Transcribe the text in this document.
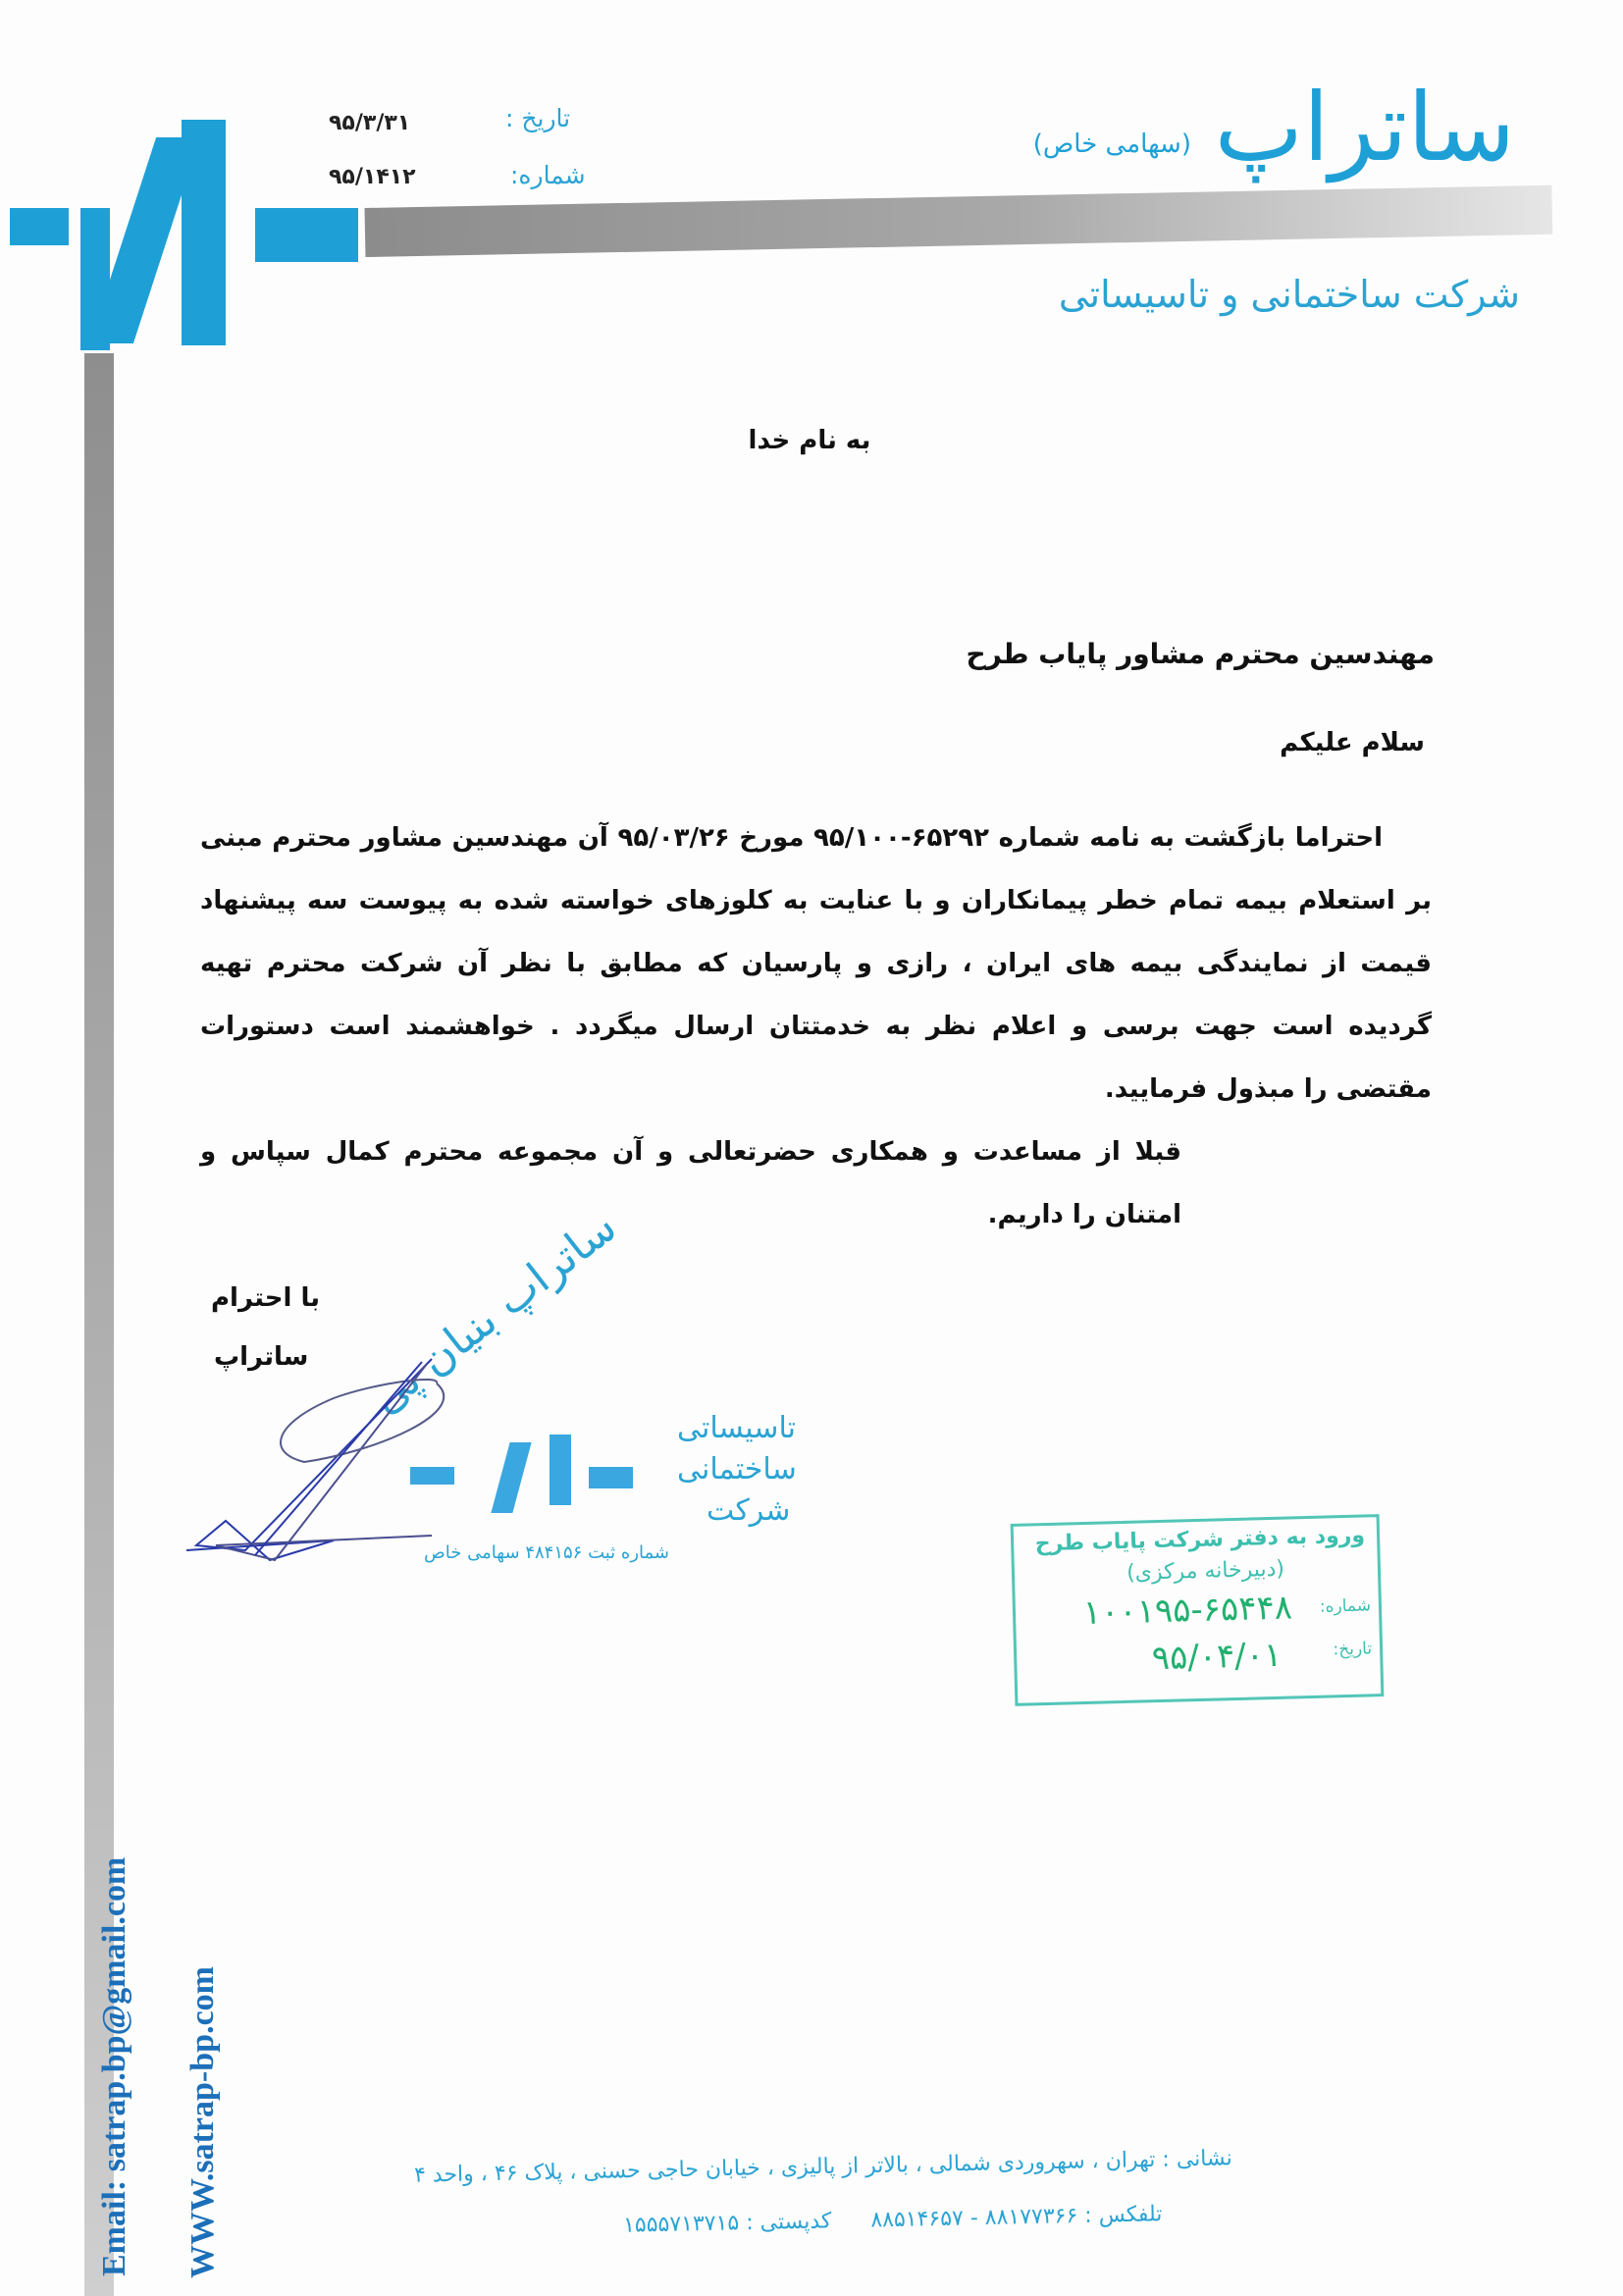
ساتراپ
(سهامی خاص)
شرکت ساختمانی و تاسیساتی
تاریخ :
۹۵/۳/۳۱
شماره:
۹۵/۱۴۱۲
به نام خدا
مهندسین محترم مشاور پایاب طرح
سلام علیکم

احتراما بازگشت به نامه شماره ۶۵۲۹۲-۹۵/۱۰۰ مورخ ۹۵/۰۳/۲۶ آن مهندسین مشاور محترم مبنی بر استعلام بیمه تمام خطر پیمانکاران و با عنایت به کلوزهای خواسته شده به پیوست سه پیشنهاد قیمت از نمایندگی بیمه های ایران ، رازی و پارسیان که مطابق با نظر آن شرکت محترم تهیه گردیده است جهت برسی و اعلام نظر به خدمتتان ارسال میگردد . خواهشمند است دستورات مقتضی را مبذول فرمایید.

قبلا از مساعدت و همکاری حضرتعالی و آن مجموعه محترم کمال سپاس و امتنان را داریم.

با احترام
ساتراپ ساتراپ بنیان پی
تاسیساتی
ساختمانی
شرکت
شماره ثبت ۴۸۴۱۵۶ سهامی خاص	ورود به دفتر شرکت پایاب طرح
(دبیرخانه مرکزی)
شماره:
۱۰۰۱۹۵-۶۵۴۴۸
تاریخ:
۹۵/۰۴/۰۱
Email: satrap.bp@gmail.com WWW.satrap-bp.com	نشانی : تهران ، سهروردی شمالی ، بالاتر از پالیزی ، خیابان حاجی حسنی ، پلاک ۴۶ ، واحد ۴
تلفکس : ۸۸۱۷۷۳۶۶ - ۸۸۵۱۴۶۵۷
کدپستی : ۱۵۵۵۷۱۳۷۱۵
